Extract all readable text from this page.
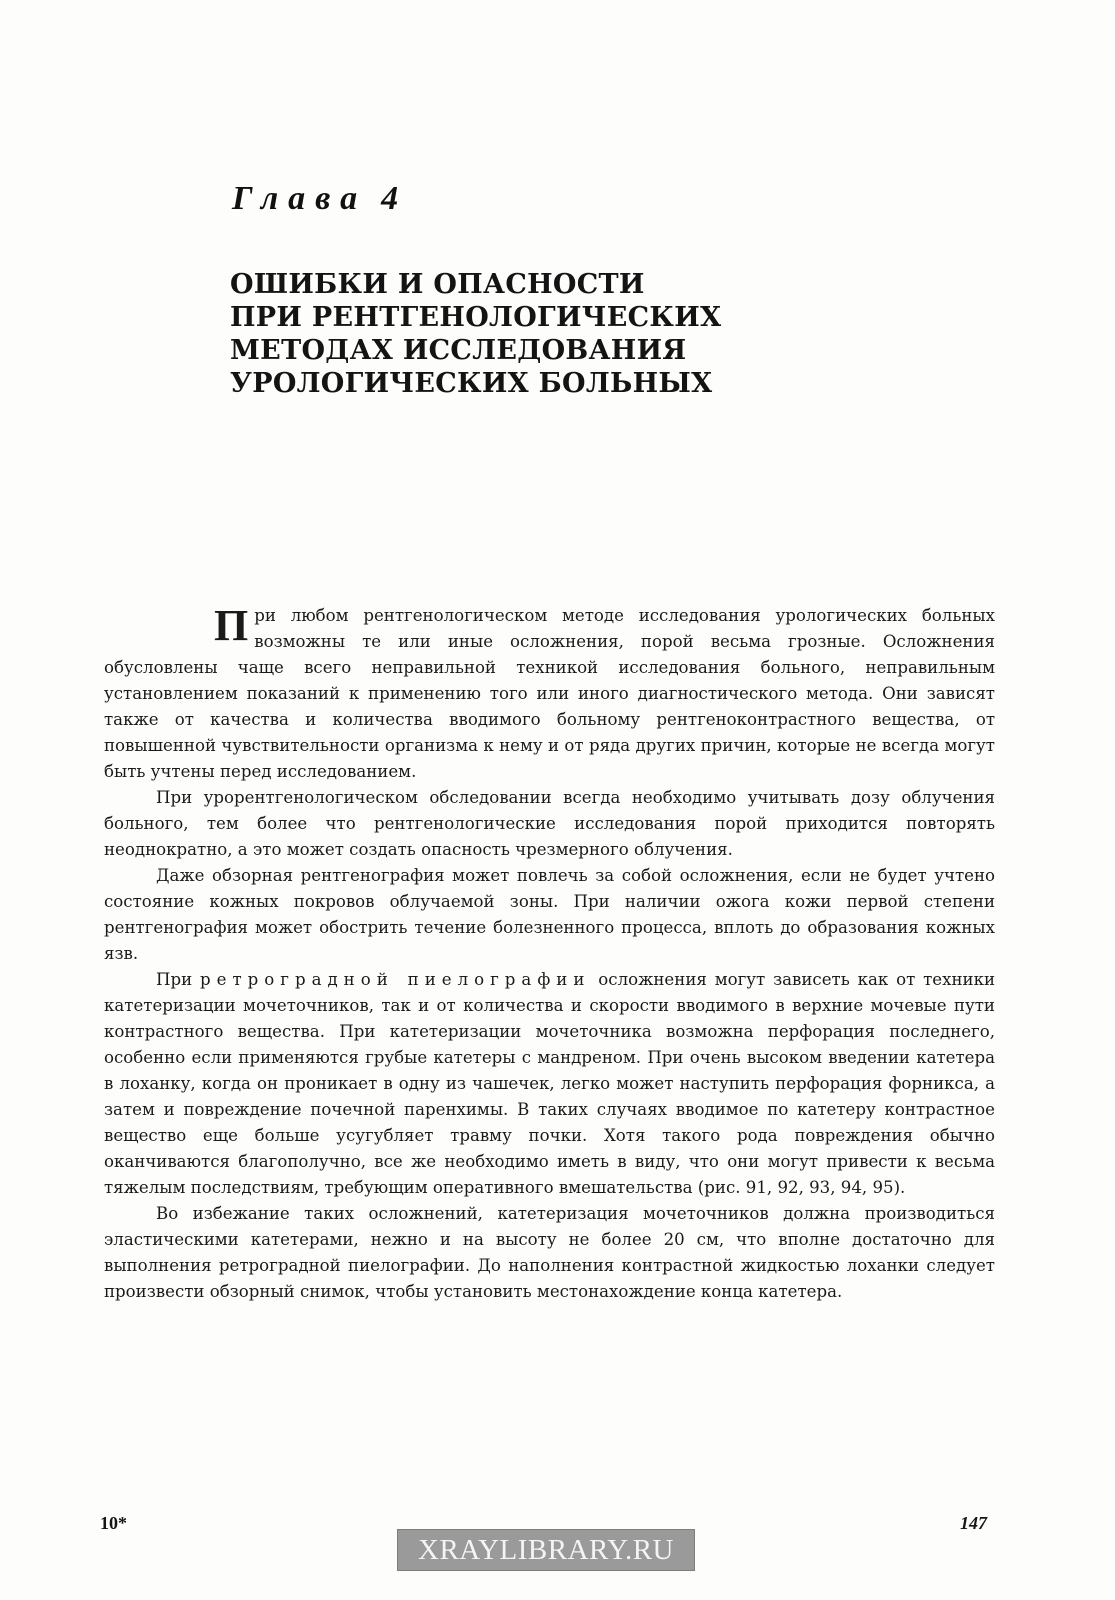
Глава 4
ОШИБКИ И ОПАСНОСТИ
ПРИ РЕНТГЕНОЛОГИЧЕСКИХ
МЕТОДАХ ИССЛЕДОВАНИЯ
УРОЛОГИЧЕСКИХ БОЛЬНЫХ

При любом рентгенологическом методе исследования урологических больных возможны те или иные осложнения, порой весьма грозные. Осложнения обусловлены чаще всего неправильной техникой исследования больного, неправильным установлением показаний к применению того или иного диагностического метода. Они зависят также от качества и количества вводимого больному рентгеноконтрастного вещества, от повышенной чувствительности организма к нему и от ряда других причин, которые не всегда могут быть учтены перед исследованием.

При урорентгенологическом обследовании всегда необходимо учитывать дозу облучения больного, тем более что рентгенологические исследования порой приходится повторять неоднократно, а это может создать опасность чрезмерного облучения.

Даже обзорная рентгенография может повлечь за собой осложнения, если не будет учтено состояние кожных покровов облучаемой зоны. При наличии ожога кожи первой степени рентгенография может обострить течение болезненного процесса, вплоть до образования кожных язв.

При ретроградной пиелографии осложнения могут зависеть как от техники катетеризации мочеточников, так и от количества и скорости вводимого в верхние мочевые пути контрастного вещества. При катетеризации мочеточника возможна перфорация последнего, особенно если применяются грубые катетеры с мандреном. При очень высоком введении катетера в лоханку, когда он проникает в одну из чашечек, легко может наступить перфорация форникса, а затем и повреждение почечной паренхимы. В таких случаях вводимое по катетеру контрастное вещество еще больше усугубляет травму почки. Хотя такого рода повреждения обычно оканчиваются благополучно, все же необходимо иметь в виду, что они могут привести к весьма тяжелым последствиям, требующим оперативного вмешательства (рис. 91, 92, 93, 94, 95).

Во избежание таких осложнений, катетеризация мочеточников должна производиться эластическими катетерами, нежно и на высоту не более 20 см, что вполне достаточно для выполнения ретроградной пиелографии. До наполнения контрастной жидкостью лоханки следует произвести обзорный снимок, чтобы установить местонахождение конца катетера.

10*	147
XRAYLIBRARY.RU
